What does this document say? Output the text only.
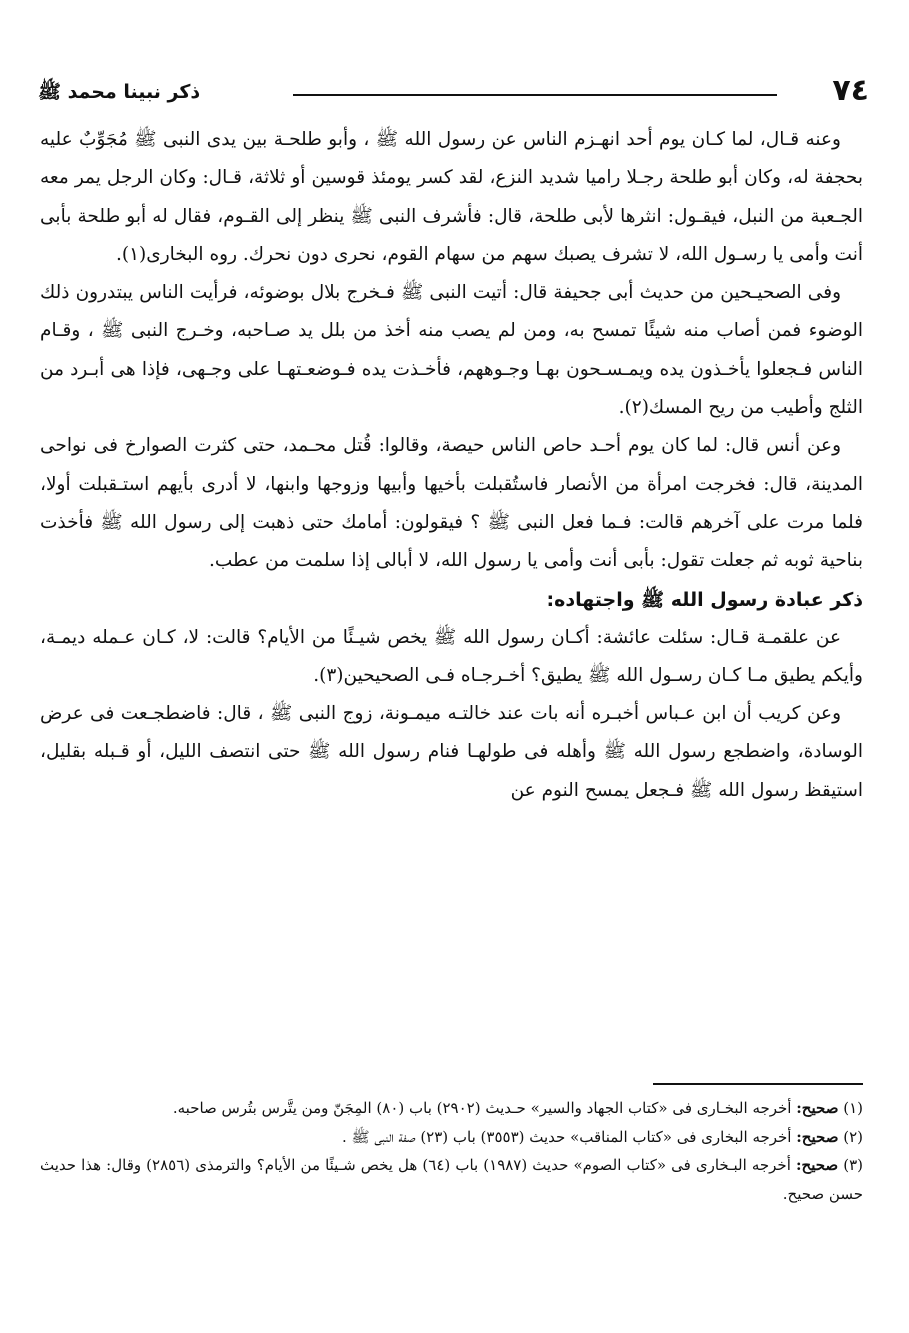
٧٤
ذكر نبينا محمد ﷺ

وعنه قـال، لما كـان يوم أحد انهـزم الناس عن رسول الله ﷺ ، وأبو طلحـة بين يدى النبى ﷺ مُجَوِّبٌ عليه بحجفة له، وكان أبو طلحة رجـلا راميا شديد النزع، لقد كسر يومئذ قوسين أو ثلاثة، قـال: وكان الرجل يمر معه الجـعبة من النبل، فيقـول: انثرها لأبى طلحة، قال: فأشرف النبى ﷺ ينظر إلى القـوم، فقال له أبو طلحة بأبى أنت وأمى يا رسـول الله، لا تشرف يصبك سهم من سهام القوم، نحرى دون نحرك. روه البخارى(١).

وفى الصحيـحين من حديث أبى جحيفة قال: أتيت النبى ﷺ فـخرج بلال بوضوئه، فرأيت الناس يبتدرون ذلك الوضوء فمن أصاب منه شيئًا تمسح به، ومن لم يصب منه أخذ من بلل يد صـاحبه، وخـرج النبى ﷺ ، وقـام الناس فـجعلوا يأخـذون يده ويمـسـحون بهـا وجـوههم، فأخـذت يده فـوضعـتهـا على وجـهى، فإذا هى أبـرد من الثلج وأطيب من ريح المسك(٢).

وعن أنس قال: لما كان يوم أحـد حاص الناس حيصة، وقالوا: قُتل محـمد، حتى كثرت الصوارخ فى نواحى المدينة، قال: فخرجت امرأة من الأنصار فاستُقبلت بأخيها وأبيها وزوجها وابنها، لا أدرى بأيهم استـقبلت أولا، فلما مرت على آخرهم قالت: فـما فعل النبى ﷺ ؟ فيقولون: أمامك حتى ذهبت إلى رسول الله ﷺ فأخذت بناحية ثوبه ثم جعلت تقول: بأبى أنت وأمى يا رسول الله، لا أبالى إذا سلمت من عطب.

ذكر عبادة رسول الله ﷺ واجتهاده:

عن علقمـة قـال: سئلت عائشة: أكـان رسول الله ﷺ يخص شيـئًا من الأيام؟ قالت: لا، كـان عـمله ديمـة، وأيكم يطيق مـا كـان رسـول الله ﷺ يطيق؟ أخـرجـاه فـى الصحيحين(٣).

وعن كريب أن ابن عـباس أخبـره أنه بات عند خالتـه ميمـونة، زوج النبى ﷺ ، قال: فاضطجـعت فى عرض الوسادة، واضطجع رسول الله ﷺ وأهله فى طولهـا فنام رسول الله ﷺ حتى انتصف الليل، أو قـبله بقليل، استيقظ رسول الله ﷺ فـجعل يمسح النوم عن

(١) صحيح: أخرجه البخـارى فى «كتاب الجهاد والسير» حـديث (٢٩٠٢) باب (٨٠) المِجَنّ ومن يتَّرس بتُرس صاحبه.

(٢) صحيح: أخرجه البخارى فى «كتاب المناقب» حديث (٣٥٥٣) باب (٢٣) صفة النبى ﷺ .

(٣) صحيح: أخرجه البـخارى فى «كتاب الصوم» حديث (١٩٨٧) باب (٦٤) هل يخص شـيئًا من الأيام؟ والترمذى (٢٨٥٦) وقال: هذا حديث حسن صحيح.
